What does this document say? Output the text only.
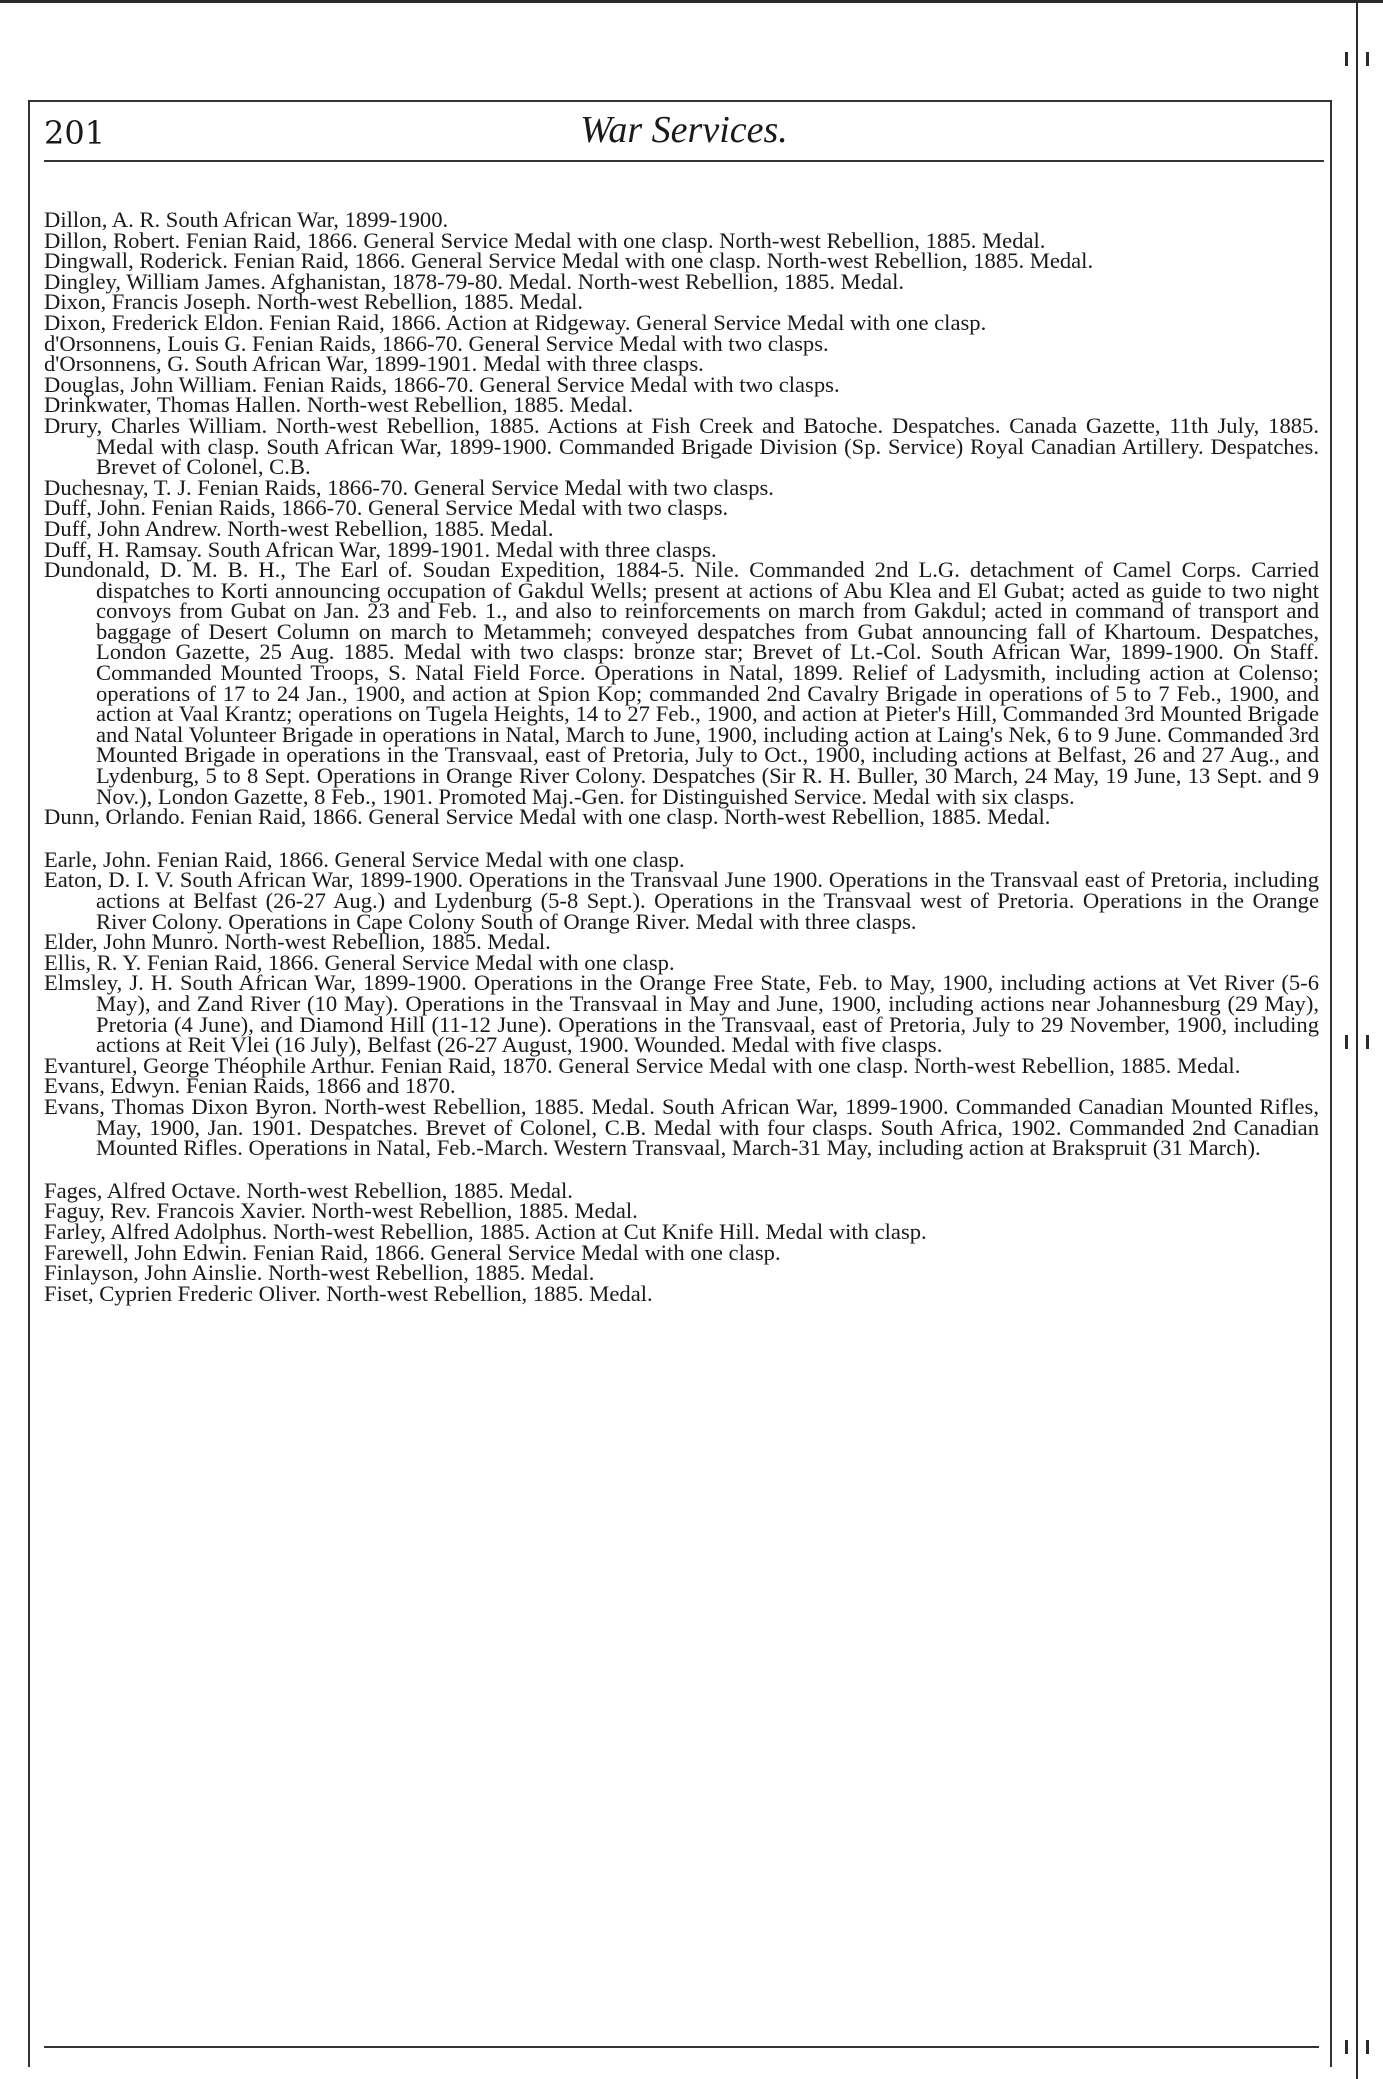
201	War Services.

Dillon, A. R. South African War, 1899-1900.

Dillon, Robert. Fenian Raid, 1866. General Service Medal with one clasp. North-west Rebellion, 1885. Medal.

Dingwall, Roderick. Fenian Raid, 1866. General Service Medal with one clasp. North-west Rebellion, 1885. Medal.

Dingley, William James. Afghanistan, 1878-79-80. Medal. North-west Rebellion, 1885. Medal.

Dixon, Francis Joseph. North-west Rebellion, 1885. Medal.

Dixon, Frederick Eldon. Fenian Raid, 1866. Action at Ridgeway. General Service Medal with one clasp.

d'Orsonnens, Louis G. Fenian Raids, 1866-70. General Service Medal with two clasps.

d'Orsonnens, G. South African War, 1899-1901. Medal with three clasps.

Douglas, John William. Fenian Raids, 1866-70. General Service Medal with two clasps.

Drinkwater, Thomas Hallen. North-west Rebellion, 1885. Medal.

Drury, Charles William. North-west Rebellion, 1885. Actions at Fish Creek and Batoche. Despatches. Canada Gazette, 11th July, 1885. Medal with clasp. South African War, 1899-1900. Commanded Brigade Division (Sp. Service) Royal Canadian Artillery. Despatches. Brevet of Colonel, C.B.

Duchesnay, T. J. Fenian Raids, 1866-70. General Service Medal with two clasps.

Duff, John. Fenian Raids, 1866-70. General Service Medal with two clasps.

Duff, John Andrew. North-west Rebellion, 1885. Medal.

Duff, H. Ramsay. South African War, 1899-1901. Medal with three clasps.

Dundonald, D. M. B. H., The Earl of. Soudan Expedition, 1884-5. Nile. Commanded 2nd L.G. detachment of Camel Corps. Carried dispatches to Korti announcing occupation of Gakdul Wells; present at actions of Abu Klea and El Gubat; acted as guide to two night convoys from Gubat on Jan. 23 and Feb. 1., and also to reinforcements on march from Gakdul; acted in command of transport and baggage of Desert Column on march to Metammeh; conveyed despatches from Gubat announcing fall of Khartoum. Despatches, London Gazette, 25 Aug. 1885. Medal with two clasps: bronze star; Brevet of Lt.-Col. South African War, 1899-1900. On Staff. Commanded Mounted Troops, S. Natal Field Force. Operations in Natal, 1899. Relief of Ladysmith, including action at Colenso; operations of 17 to 24 Jan., 1900, and action at Spion Kop; commanded 2nd Cavalry Brigade in operations of 5 to 7 Feb., 1900, and action at Vaal Krantz; operations on Tugela Heights, 14 to 27 Feb., 1900, and action at Pieter's Hill, Commanded 3rd Mounted Brigade and Natal Volunteer Brigade in operations in Natal, March to June, 1900, including action at Laing's Nek, 6 to 9 June. Commanded 3rd Mounted Brigade in operations in the Transvaal, east of Pretoria, July to Oct., 1900, including actions at Belfast, 26 and 27 Aug., and Lydenburg, 5 to 8 Sept. Operations in Orange River Colony. Despatches (Sir R. H. Buller, 30 March, 24 May, 19 June, 13 Sept. and 9 Nov.), London Gazette, 8 Feb., 1901. Promoted Maj.-Gen. for Distinguished Service. Medal with six clasps.

Dunn, Orlando. Fenian Raid, 1866. General Service Medal with one clasp. North-west Rebellion, 1885. Medal.

Earle, John. Fenian Raid, 1866. General Service Medal with one clasp.

Eaton, D. I. V. South African War, 1899-1900. Operations in the Transvaal June 1900. Operations in the Transvaal east of Pretoria, including actions at Belfast (26-27 Aug.) and Lydenburg (5-8 Sept.). Operations in the Transvaal west of Pretoria. Operations in the Orange River Colony. Operations in Cape Colony South of Orange River. Medal with three clasps.

Elder, John Munro. North-west Rebellion, 1885. Medal.

Ellis, R. Y. Fenian Raid, 1866. General Service Medal with one clasp.

Elmsley, J. H. South African War, 1899-1900. Operations in the Orange Free State, Feb. to May, 1900, including actions at Vet River (5-6 May), and Zand River (10 May). Operations in the Transvaal in May and June, 1900, including actions near Johannesburg (29 May), Pretoria (4 June), and Diamond Hill (11-12 June). Operations in the Transvaal, east of Pretoria, July to 29 November, 1900, including actions at Reit Vlei (16 July), Belfast (26-27 August, 1900. Wounded. Medal with five clasps.

Evanturel, George Théophile Arthur. Fenian Raid, 1870. General Service Medal with one clasp. North-west Rebellion, 1885. Medal.

Evans, Edwyn. Fenian Raids, 1866 and 1870.

Evans, Thomas Dixon Byron. North-west Rebellion, 1885. Medal. South African War, 1899-1900. Commanded Canadian Mounted Rifles, May, 1900, Jan. 1901. Despatches. Brevet of Colonel, C.B. Medal with four clasps. South Africa, 1902. Commanded 2nd Canadian Mounted Rifles. Operations in Natal, Feb.-March. Western Transvaal, March-31 May, including action at Brakspruit (31 March).

Fages, Alfred Octave. North-west Rebellion, 1885. Medal.

Faguy, Rev. Francois Xavier. North-west Rebellion, 1885. Medal.

Farley, Alfred Adolphus. North-west Rebellion, 1885. Action at Cut Knife Hill. Medal with clasp.

Farewell, John Edwin. Fenian Raid, 1866. General Service Medal with one clasp.

Finlayson, John Ainslie. North-west Rebellion, 1885. Medal.

Fiset, Cyprien Frederic Oliver. North-west Rebellion, 1885. Medal.
